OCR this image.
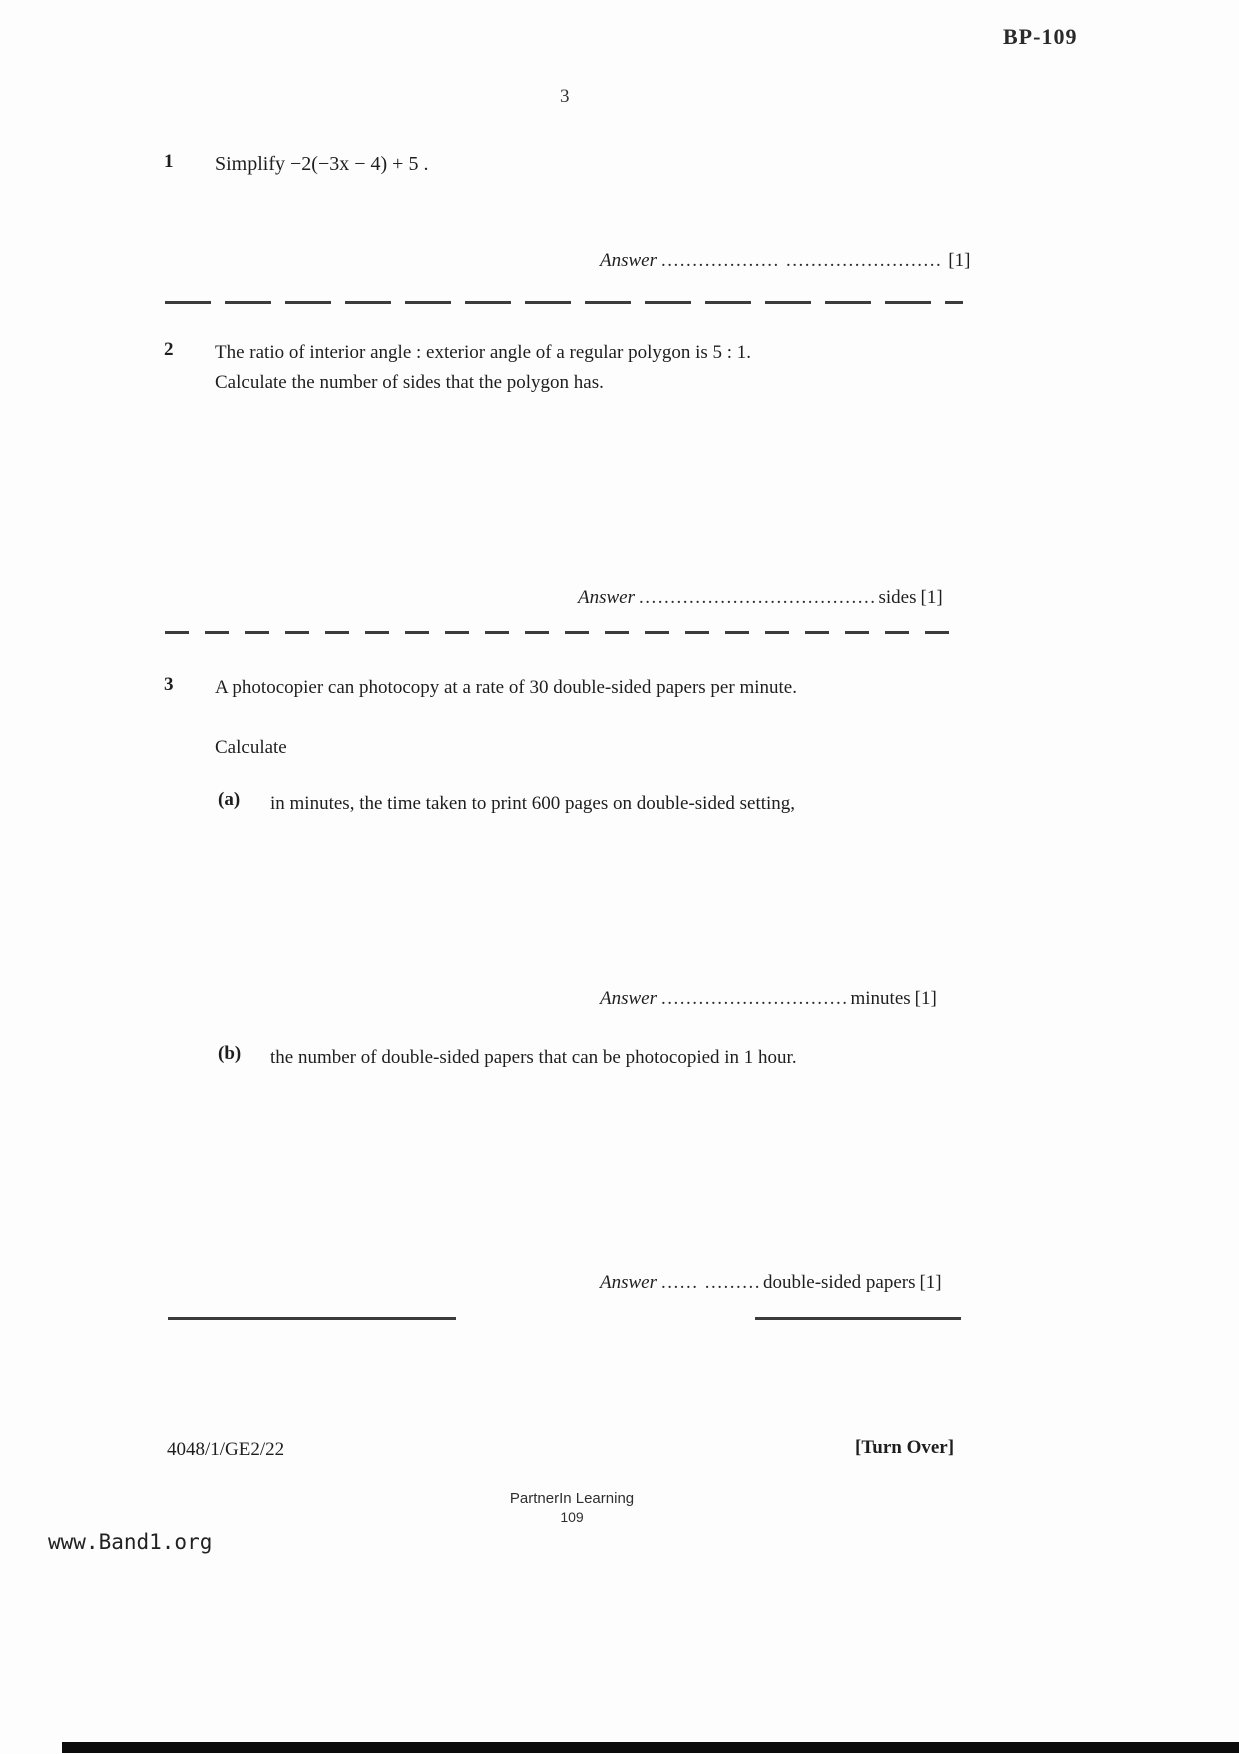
BP-109
3
1 Simplify −2(−3x − 4) + 5 .
Answer ................... ......................... [1]
2 The ratio of interior angle : exterior angle of a regular polygon is 5 : 1.
Calculate the number of sides that the polygon has.
Answer ...................................... sides [1]
3 A photocopier can photocopy at a rate of 30 double-sided papers per minute.
Calculate
(a) in minutes, the time taken to print 600 pages on double-sided setting,
Answer .............................. minutes [1]
(b) the number of double-sided papers that can be photocopied in 1 hour.
Answer ...... ......... double-sided papers [1]
4048/1/GE2/22	[Turn Over]
PartnerIn Learning
109
www.Band1.org
